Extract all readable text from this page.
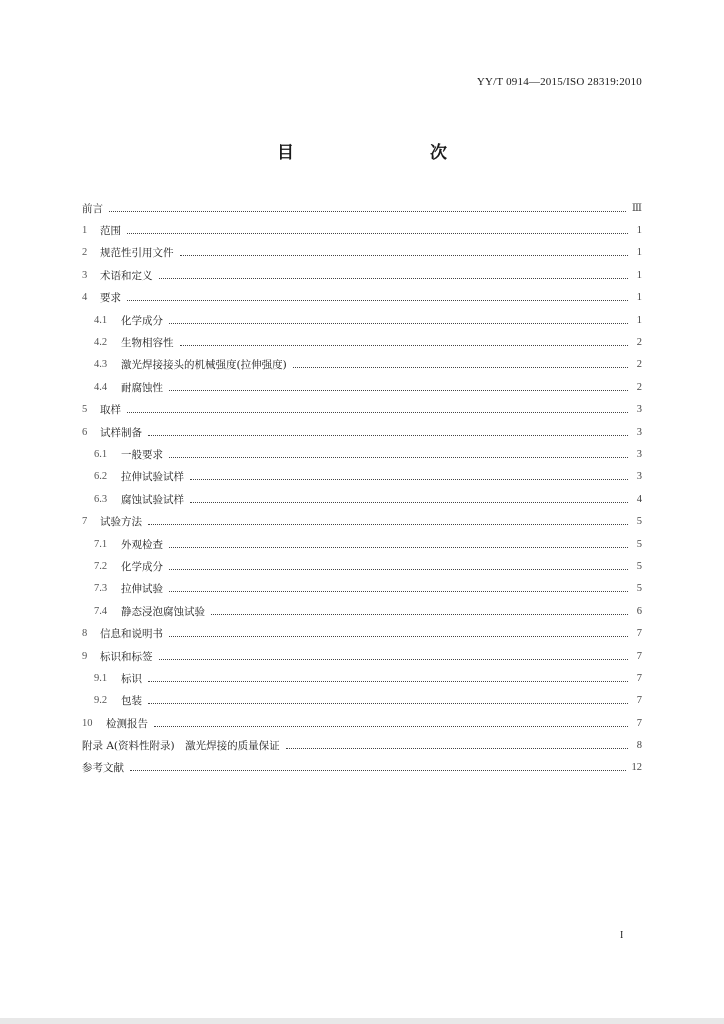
YY/T 0914—2015/ISO 28319:2010
目　　次
前言	Ⅲ
1	范围	1
2	规范性引用文件	1
3	术语和定义	1
4	要求	1
4.1	化学成分	1
4.2	生物相容性	2
4.3	激光焊接接头的机械强度(拉伸强度)	2
4.4	耐腐蚀性	2
5	取样	3
6	试样制备	3
6.1	一般要求	3
6.2	拉伸试验试样	3
6.3	腐蚀试验试样	4
7	试验方法	5
7.1	外观检查	5
7.2	化学成分	5
7.3	拉伸试验	5
7.4	静态浸泡腐蚀试验	6
8	信息和说明书	7
9	标识和标签	7
9.1	标识	7
9.2	包装	7
10	检测报告	7
附录 A(资料性附录)　激光焊接的质量保证	8
参考文献	12
I
